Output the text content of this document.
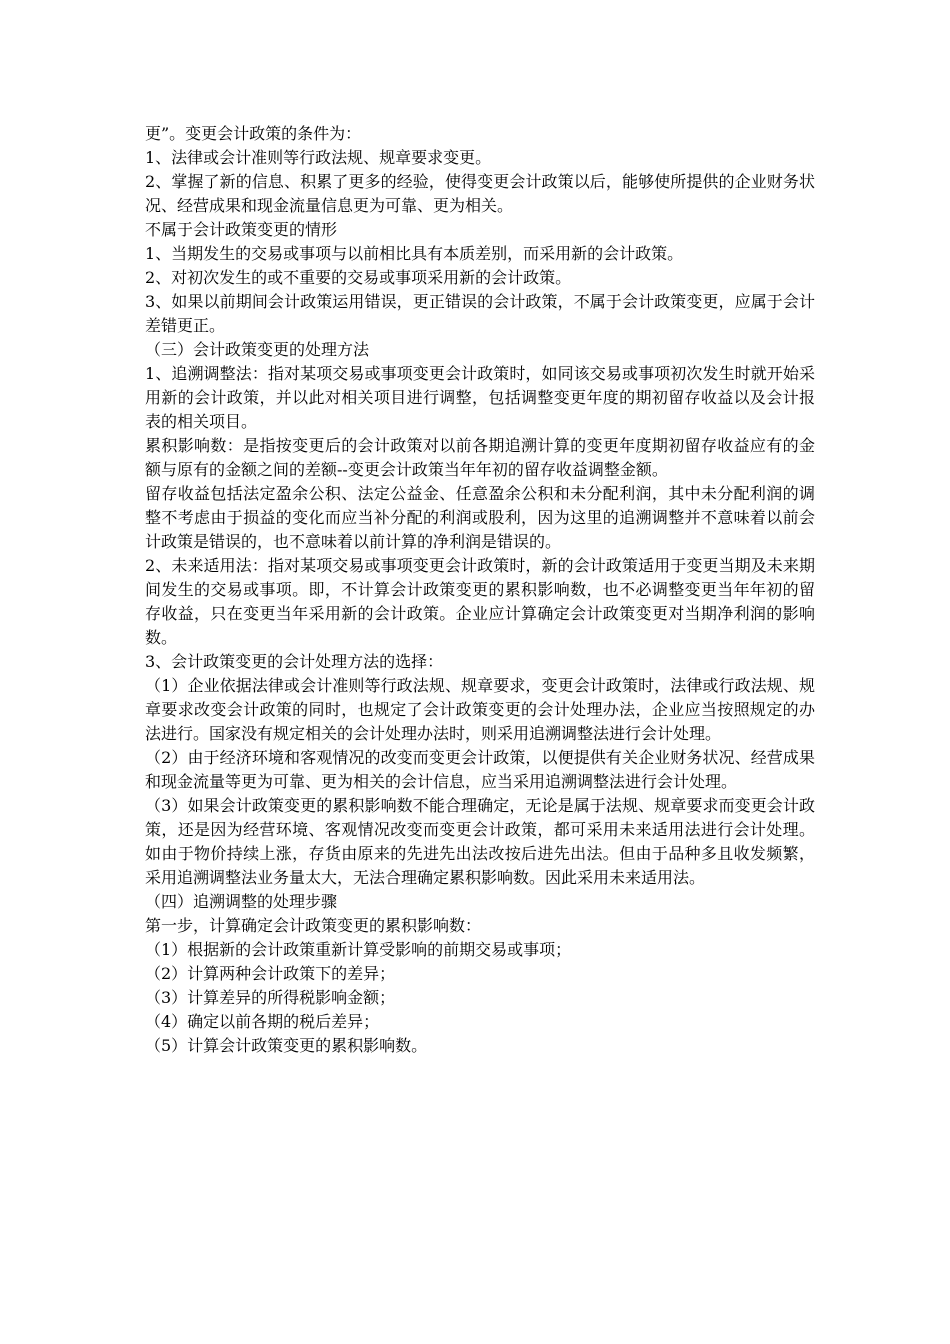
更”。变更会计政策的条件为：

1、法律或会计准则等行政法规、规章要求变更。

2、掌握了新的信息、积累了更多的经验，使得变更会计政策以后，能够使所提供的企业财务状况、经营成果和现金流量信息更为可靠、更为相关。

不属于会计政策变更的情形

1、当期发生的交易或事项与以前相比具有本质差别，而采用新的会计政策。

2、对初次发生的或不重要的交易或事项采用新的会计政策。

3、如果以前期间会计政策运用错误，更正错误的会计政策，不属于会计政策变更，应属于会计差错更正。

（三）会计政策变更的处理方法

1、追溯调整法：指对某项交易或事项变更会计政策时，如同该交易或事项初次发生时就开始采用新的会计政策，并以此对相关项目进行调整，包括调整变更年度的期初留存收益以及会计报表的相关项目。

累积影响数：是指按变更后的会计政策对以前各期追溯计算的变更年度期初留存收益应有的金额与原有的金额之间的差额--变更会计政策当年年初的留存收益调整金额。

留存收益包括法定盈余公积、法定公益金、任意盈余公积和未分配利润，其中未分配利润的调整不考虑由于损益的变化而应当补分配的利润或股利，因为这里的追溯调整并不意味着以前会计政策是错误的，也不意味着以前计算的净利润是错误的。

2、未来适用法：指对某项交易或事项变更会计政策时，新的会计政策适用于变更当期及未来期间发生的交易或事项。即，不计算会计政策变更的累积影响数，也不必调整变更当年年初的留存收益，只在变更当年采用新的会计政策。企业应计算确定会计政策变更对当期净利润的影响数。

3、会计政策变更的会计处理方法的选择：

（1）企业依据法律或会计准则等行政法规、规章要求，变更会计政策时，法律或行政法规、规章要求改变会计政策的同时，也规定了会计政策变更的会计处理办法，企业应当按照规定的办法进行。国家没有规定相关的会计处理办法时，则采用追溯调整法进行会计处理。

（2）由于经济环境和客观情况的改变而变更会计政策，以便提供有关企业财务状况、经营成果和现金流量等更为可靠、更为相关的会计信息，应当采用追溯调整法进行会计处理。

（3）如果会计政策变更的累积影响数不能合理确定，无论是属于法规、规章要求而变更会计政策，还是因为经营环境、客观情况改变而变更会计政策，都可采用未来适用法进行会计处理。如由于物价持续上涨，存货由原来的先进先出法改按后进先出法。但由于品种多且收发频繁，采用追溯调整法业务量太大，无法合理确定累积影响数。因此采用未来适用法。

（四）追溯调整的处理步骤

第一步，计算确定会计政策变更的累积影响数：

（1）根据新的会计政策重新计算受影响的前期交易或事项；

（2）计算两种会计政策下的差异；

（3）计算差异的所得税影响金额；

（4）确定以前各期的税后差异；

（5）计算会计政策变更的累积影响数。
